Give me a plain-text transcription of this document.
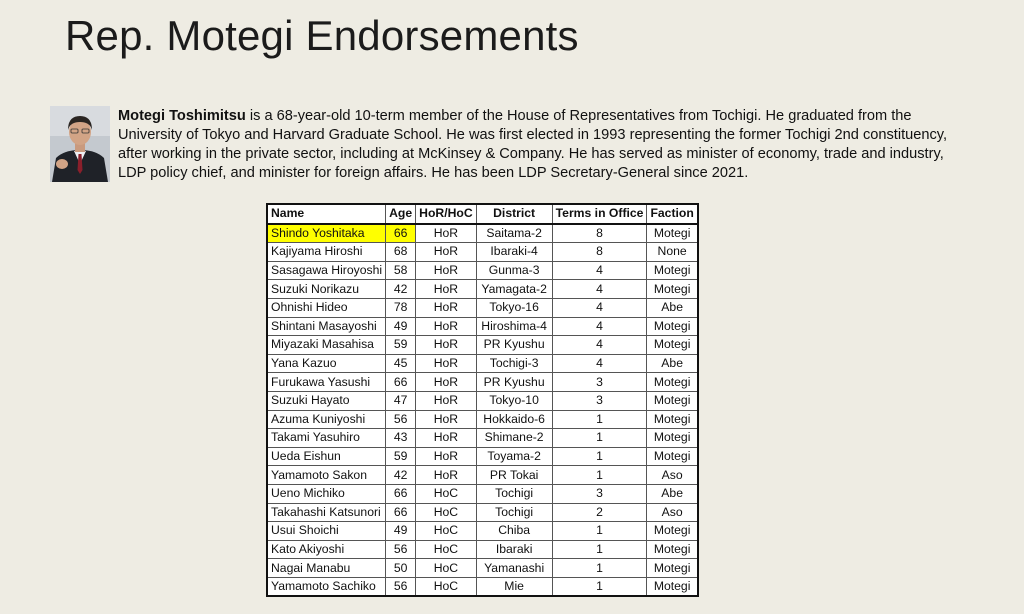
Rep. Motegi Endorsements

Motegi Toshimitsu is a 68-year-old 10-term member of the House of Representatives from Tochigi. He graduated from the University of Tokyo and Harvard Graduate School. He was first elected in 1993 representing the former Tochigi 2nd constituency, after working in the private sector, including at McKinsey & Company. He has served as minister of economy, trade and industry, LDP policy chief, and minister for foreign affairs. He has been LDP Secretary-General since 2021.

Name	Age	HoR/HoC	District	Terms in Office	Faction
Shindo Yoshitaka	66	HoR	Saitama-2	8	Motegi
Kajiyama Hiroshi	68	HoR	Ibaraki-4	8	None
Sasagawa Hiroyoshi	58	HoR	Gunma-3	4	Motegi
Suzuki Norikazu	42	HoR	Yamagata-2	4	Motegi
Ohnishi Hideo	78	HoR	Tokyo-16	4	Abe
Shintani Masayoshi	49	HoR	Hiroshima-4	4	Motegi
Miyazaki Masahisa	59	HoR	PR Kyushu	4	Motegi
Yana Kazuo	45	HoR	Tochigi-3	4	Abe
Furukawa Yasushi	66	HoR	PR Kyushu	3	Motegi
Suzuki Hayato	47	HoR	Tokyo-10	3	Motegi
Azuma Kuniyoshi	56	HoR	Hokkaido-6	1	Motegi
Takami Yasuhiro	43	HoR	Shimane-2	1	Motegi
Ueda Eishun	59	HoR	Toyama-2	1	Motegi
Yamamoto Sakon	42	HoR	PR Tokai	1	Aso
Ueno Michiko	66	HoC	Tochigi	3	Abe
Takahashi Katsunori	66	HoC	Tochigi	2	Aso
Usui Shoichi	49	HoC	Chiba	1	Motegi
Kato Akiyoshi	56	HoC	Ibaraki	1	Motegi
Nagai Manabu	50	HoC	Yamanashi	1	Motegi
Yamamoto Sachiko	56	HoC	Mie	1	Motegi
